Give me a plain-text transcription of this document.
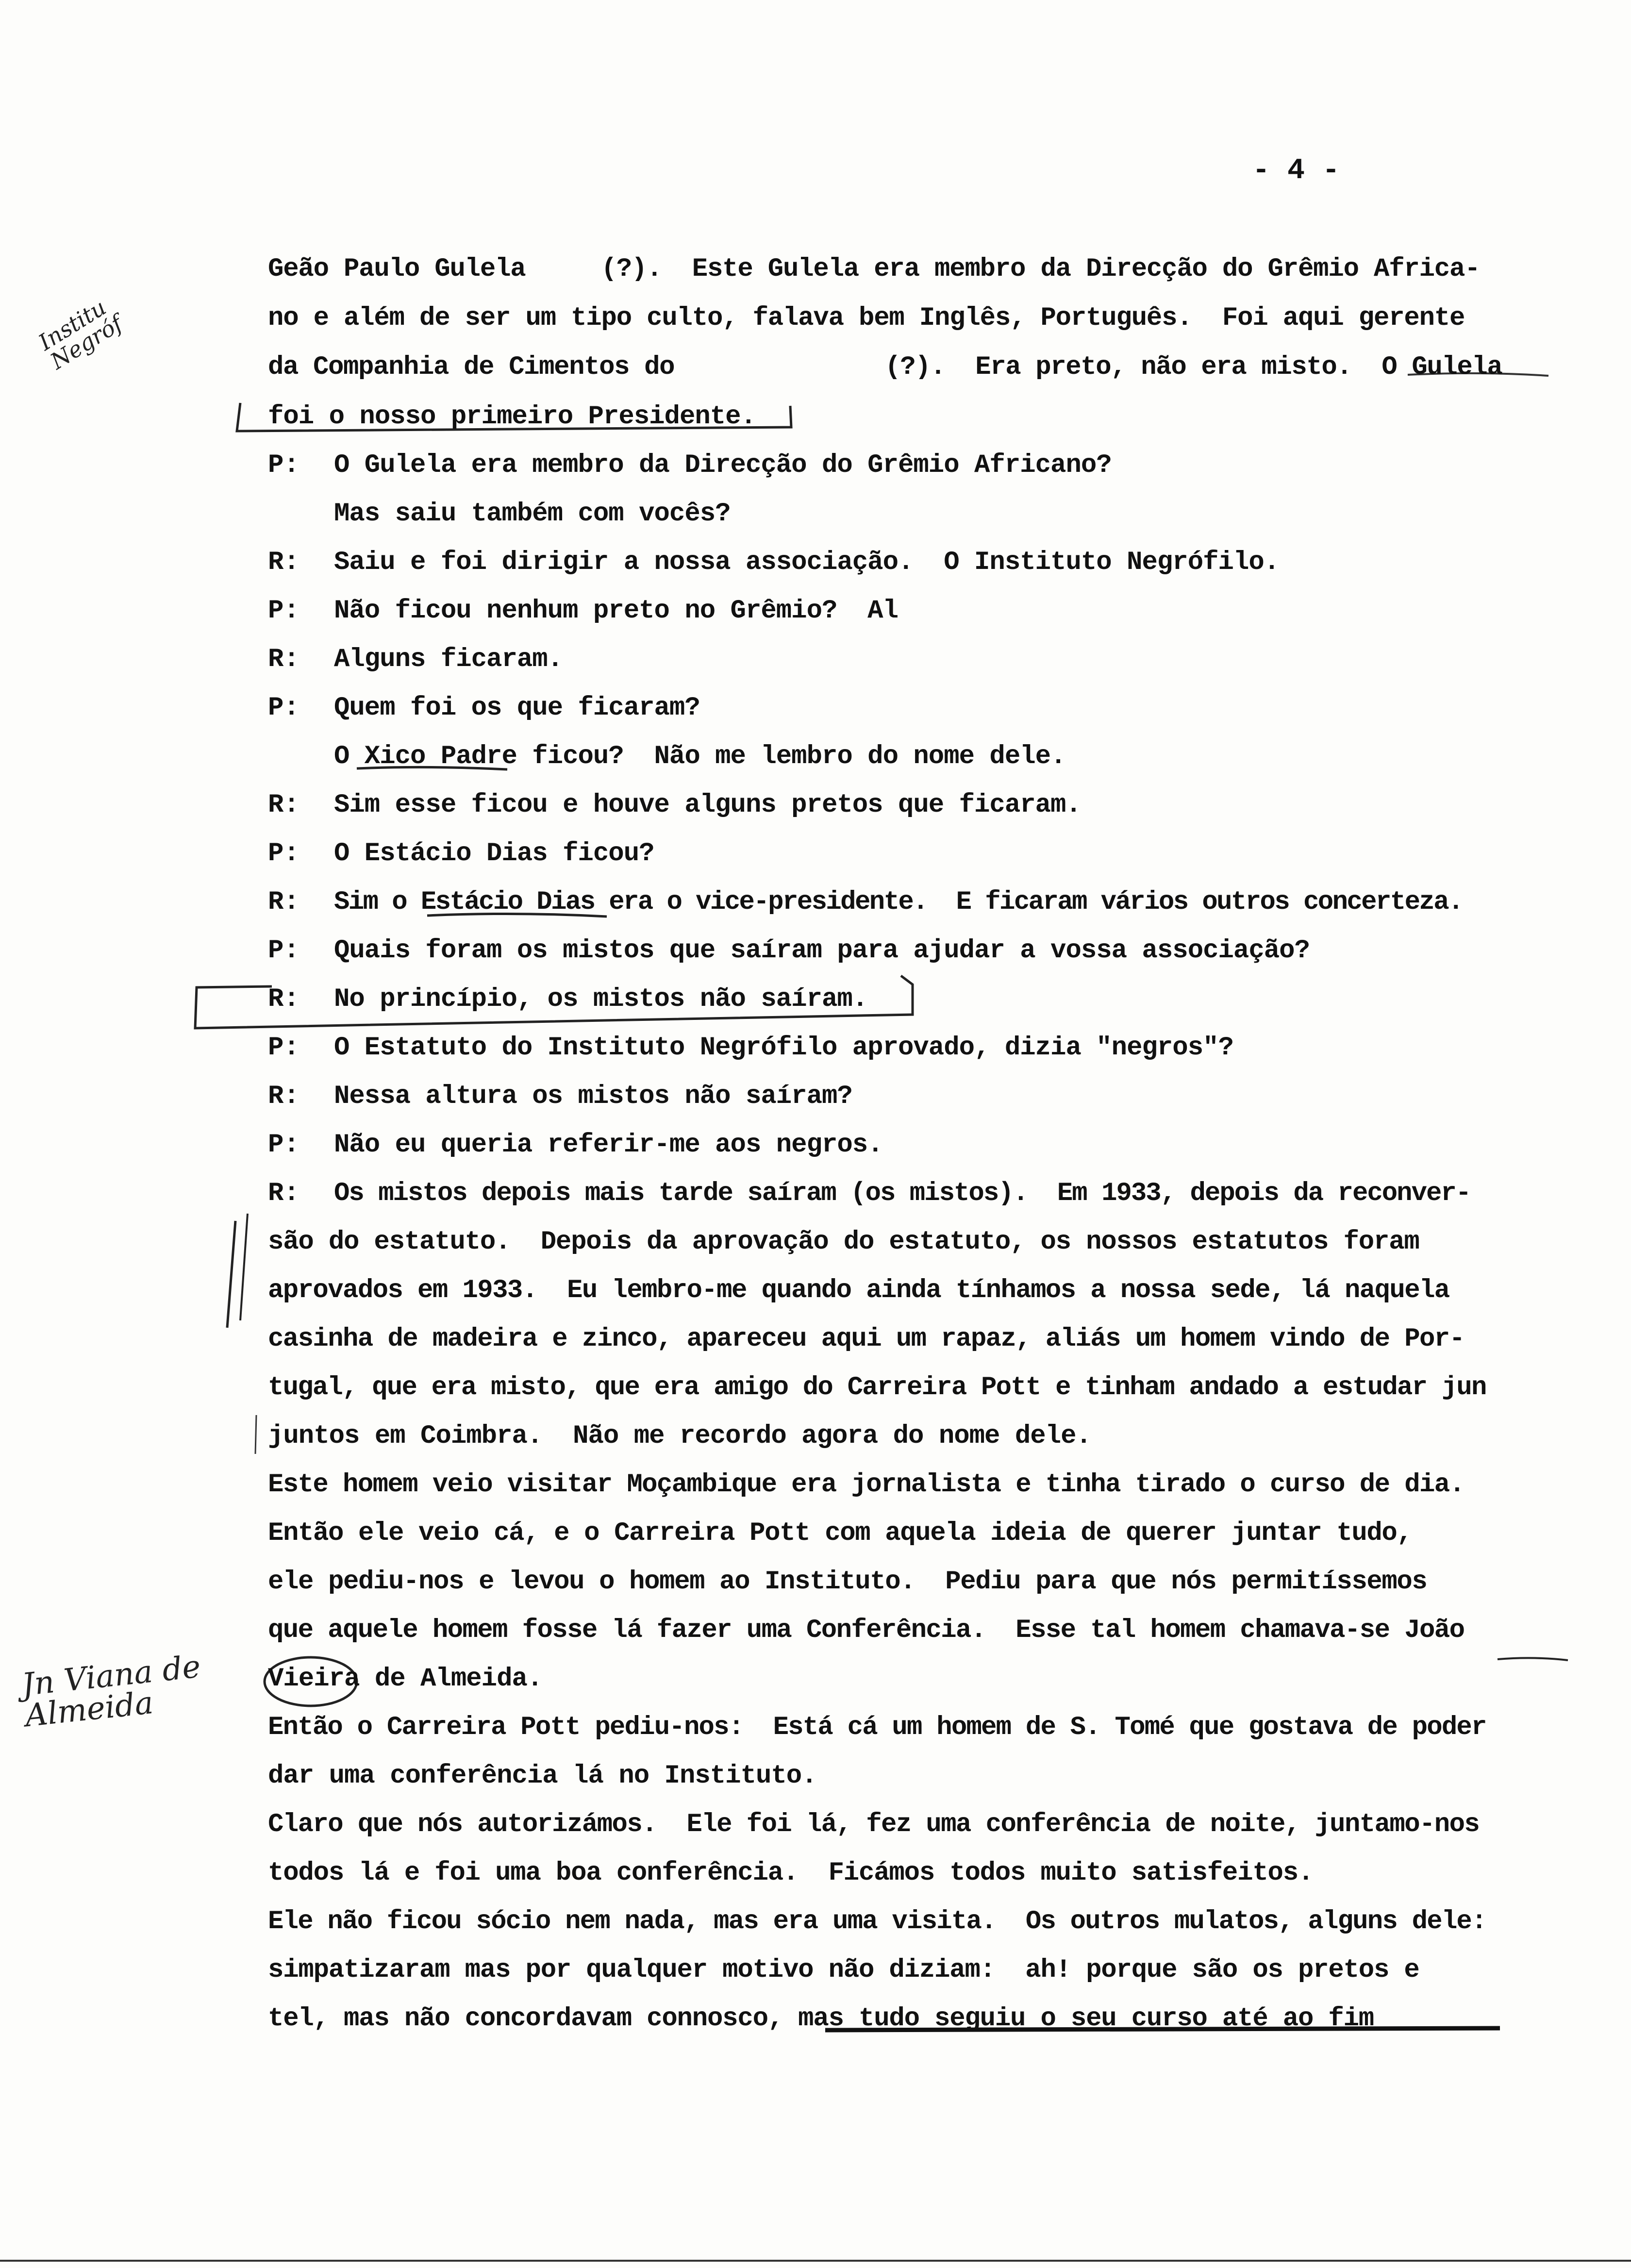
- 4 -
Institu
Negróf
Jn Viana de
Almeida
Geão Paulo Gulela     (?).  Este Gulela era membro da Direcção do Grêmio Africa-
no e além de ser um tipo culto, falava bem Inglês, Português.  Foi aqui gerente
da Companhia de Cimentos do              (?).  Era preto, não era misto.  O Gulela
foi o nosso primeiro Presidente.
P: O Gulela era membro da Direcção do Grêmio Africano?
Mas saiu também com vocês?
R: Saiu e foi dirigir a nossa associação.  O Instituto Negrófilo.
P: Não ficou nenhum preto no Grêmio?  Al
R: Alguns ficaram.
P: Quem foi os que ficaram?
O Xico Padre ficou?  Não me lembro do nome dele.
R: Sim esse ficou e houve alguns pretos que ficaram.
P: O Estácio Dias ficou?
R: Sim o Estácio Dias era o vice-presidente.  E ficaram vários outros concerteza.
P: Quais foram os mistos que saíram para ajudar a vossa associação?
R: No princípio, os mistos não saíram.
P: O Estatuto do Instituto Negrófilo aprovado, dizia "negros"?
R: Nessa altura os mistos não saíram?
P: Não eu queria referir-me aos negros.
R: Os mistos depois mais tarde saíram (os mistos).  Em 1933, depois da reconver-
são do estatuto.  Depois da aprovação do estatuto, os nossos estatutos foram
aprovados em 1933.  Eu lembro-me quando ainda tínhamos a nossa sede, lá naquela
casinha de madeira e zinco, apareceu aqui um rapaz, aliás um homem vindo de Por-
tugal, que era misto, que era amigo do Carreira Pott e tinham andado a estudar jun
juntos em Coimbra.  Não me recordo agora do nome dele.
Este homem veio visitar Moçambique era jornalista e tinha tirado o curso de dia.
Então ele veio cá, e o Carreira Pott com aquela ideia de querer juntar tudo,
ele pediu-nos e levou o homem ao Instituto.  Pediu para que nós permitíssemos
que aquele homem fosse lá fazer uma Conferência.  Esse tal homem chamava-se João
Vieira de Almeida.
Então o Carreira Pott pediu-nos:  Está cá um homem de S. Tomé que gostava de poder
dar uma conferência lá no Instituto.
Claro que nós autorizámos.  Ele foi lá, fez uma conferência de noite, juntamo-nos
todos lá e foi uma boa conferência.  Ficámos todos muito satisfeitos.
Ele não ficou sócio nem nada, mas era uma visita.  Os outros mulatos, alguns dele:
simpatizaram mas por qualquer motivo não diziam:  ah! porque são os pretos e
tel, mas não concordavam connosco, mas tudo seguiu o seu curso até ao fim
